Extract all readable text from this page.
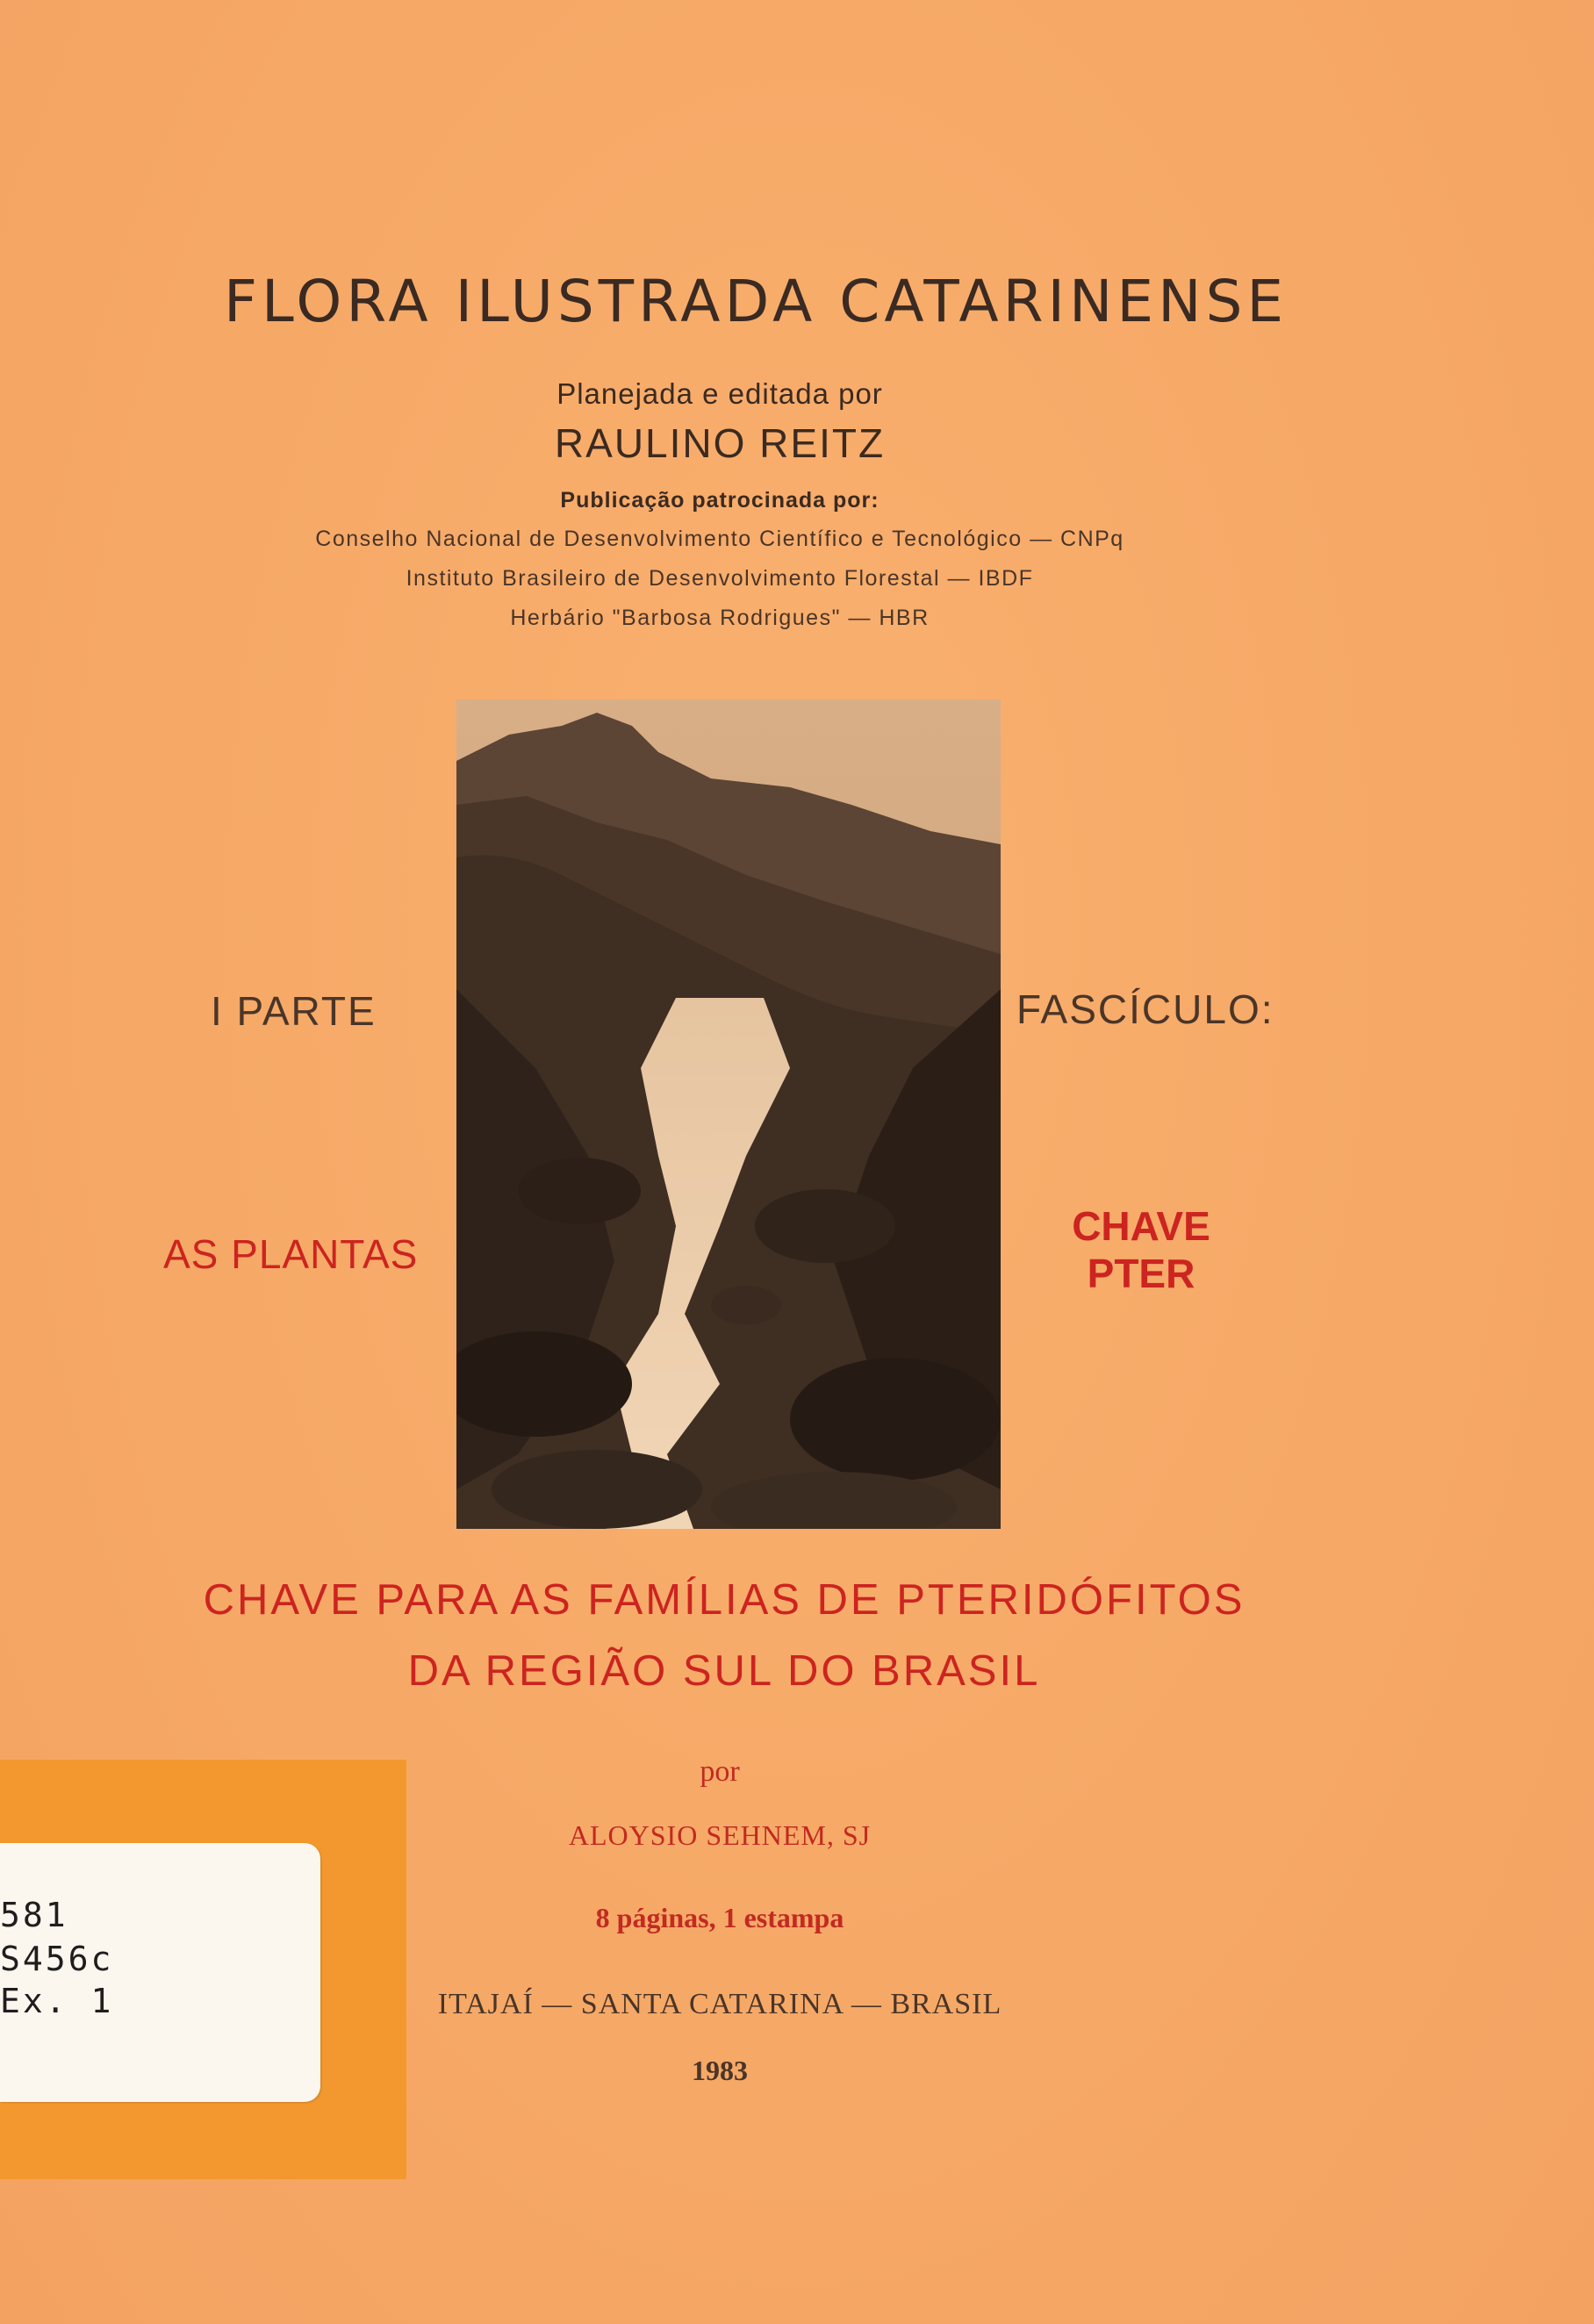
FLORA ILUSTRADA CATARINENSE
Planejada e editada por
RAULINO REITZ
Publicação patrocinada por:
Conselho Nacional de Desenvolvimento Científico e Tecnológico — CNPq
Instituto Brasileiro de Desenvolvimento Florestal — IBDF
Herbário "Barbosa Rodrigues" — HBR
I PARTE	FASCÍCULO:
AS PLANTAS
CHAVE
PTER
CHAVE PARA AS FAMÍLIAS DE PTERIDÓFITOS
DA REGIÃO SUL DO BRASIL
por
ALOYSIO SEHNEM, SJ
8 páginas, 1 estampa
ITAJAÍ — SANTA CATARINA — BRASIL
1983
581
S456c
Ex. 1
